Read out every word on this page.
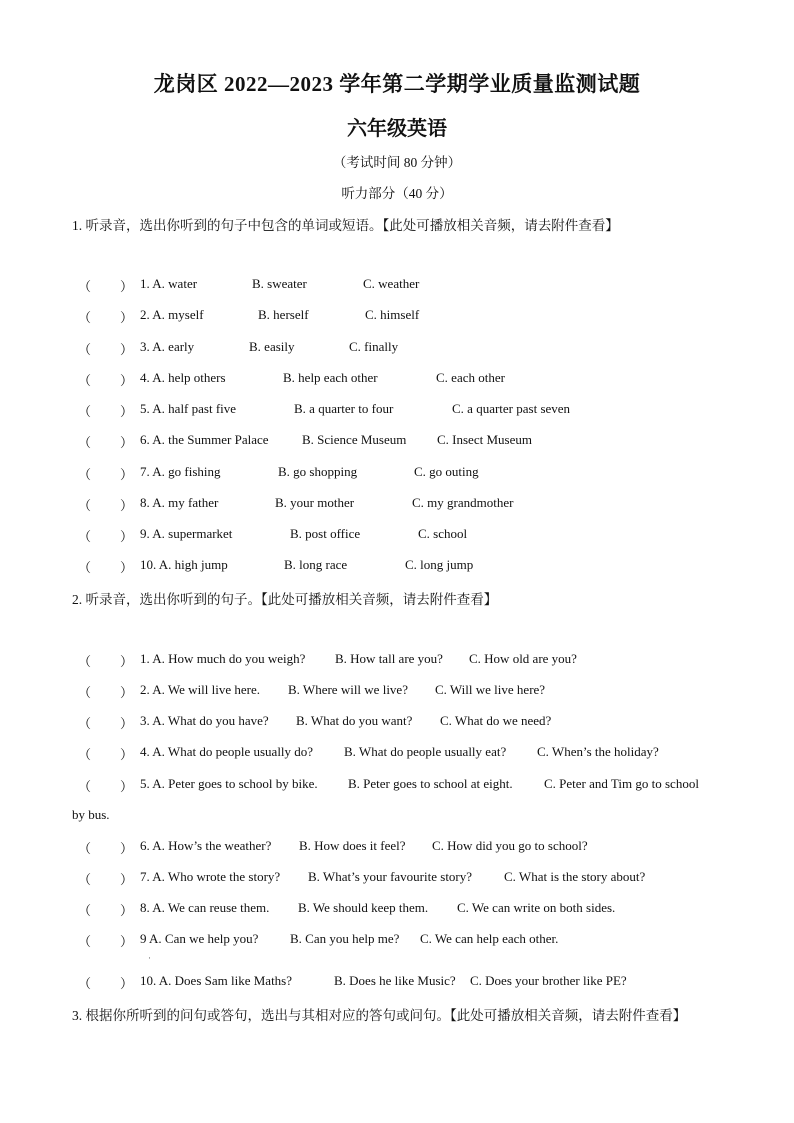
龙岗区 2022—2023 学年第二学期学业质量监测试题
六年级英语
（考试时间 80 分钟）
听力部分（40 分）
1. 听录音，选出你听到的句子中包含的单词或短语。【此处可播放相关音频，请去附件查看】
（ ） 1. A. water	B. sweater	C. weather
（ ） 2. A. myself	B. herself	C. himself
（ ） 3. A. early	B. easily	C. finally
（ ） 4. A. help others	B. help each other	C. each other
（ ） 5. A. half past five	B. a quarter to four	C. a quarter past seven
（ ） 6. A. the Summer Palace	B. Science Museum C. Insect Museum
（ ） 7. A. go fishing	B. go shopping	C. go outing
（ ） 8. A. my father	B. your mother	C. my grandmother
（ ） 9. A. supermarket	B. post office	C. school
（ ） 10. A. high jump	B. long race	C. long jump
2. 听录音，选出你听到的句子。【此处可播放相关音频，请去附件查看】
（ ） 1. A. How much do you weigh? B. How tall are you? C. How old are you?
（ ） 2. A. We will live here. B. Where will we live? C. Will we live here?
（ ） 3. A. What do you have? B. What do you want? C. What do we need?
（ ） 4. A. What do people usually do? B. What do people usually eat? C. When’s the holiday?
（ ） 5. A. Peter goes to school by bike. B. Peter goes to school at eight. C. Peter and Tim go to school
by bus.
（ ） 6. A. How’s the weather? B. How does it feel? C. How did you go to school?
（ ） 7. A. Who wrote the story? B. What’s your favourite story? C. What is the story about?
（ ） 8. A. We can reuse them. B. We should keep them. C. We can write on both sides.
（ ） 9 A. Can we help you? B. Can you help me? C. We can help each other.
·
（ ） 10. A. Does Sam like Maths?	B. Does he like Music? C. Does your brother like PE?
3. 根据你所听到的问句或答句，选出与其相对应的答句或问句。【此处可播放相关音频，请去附件查看】
